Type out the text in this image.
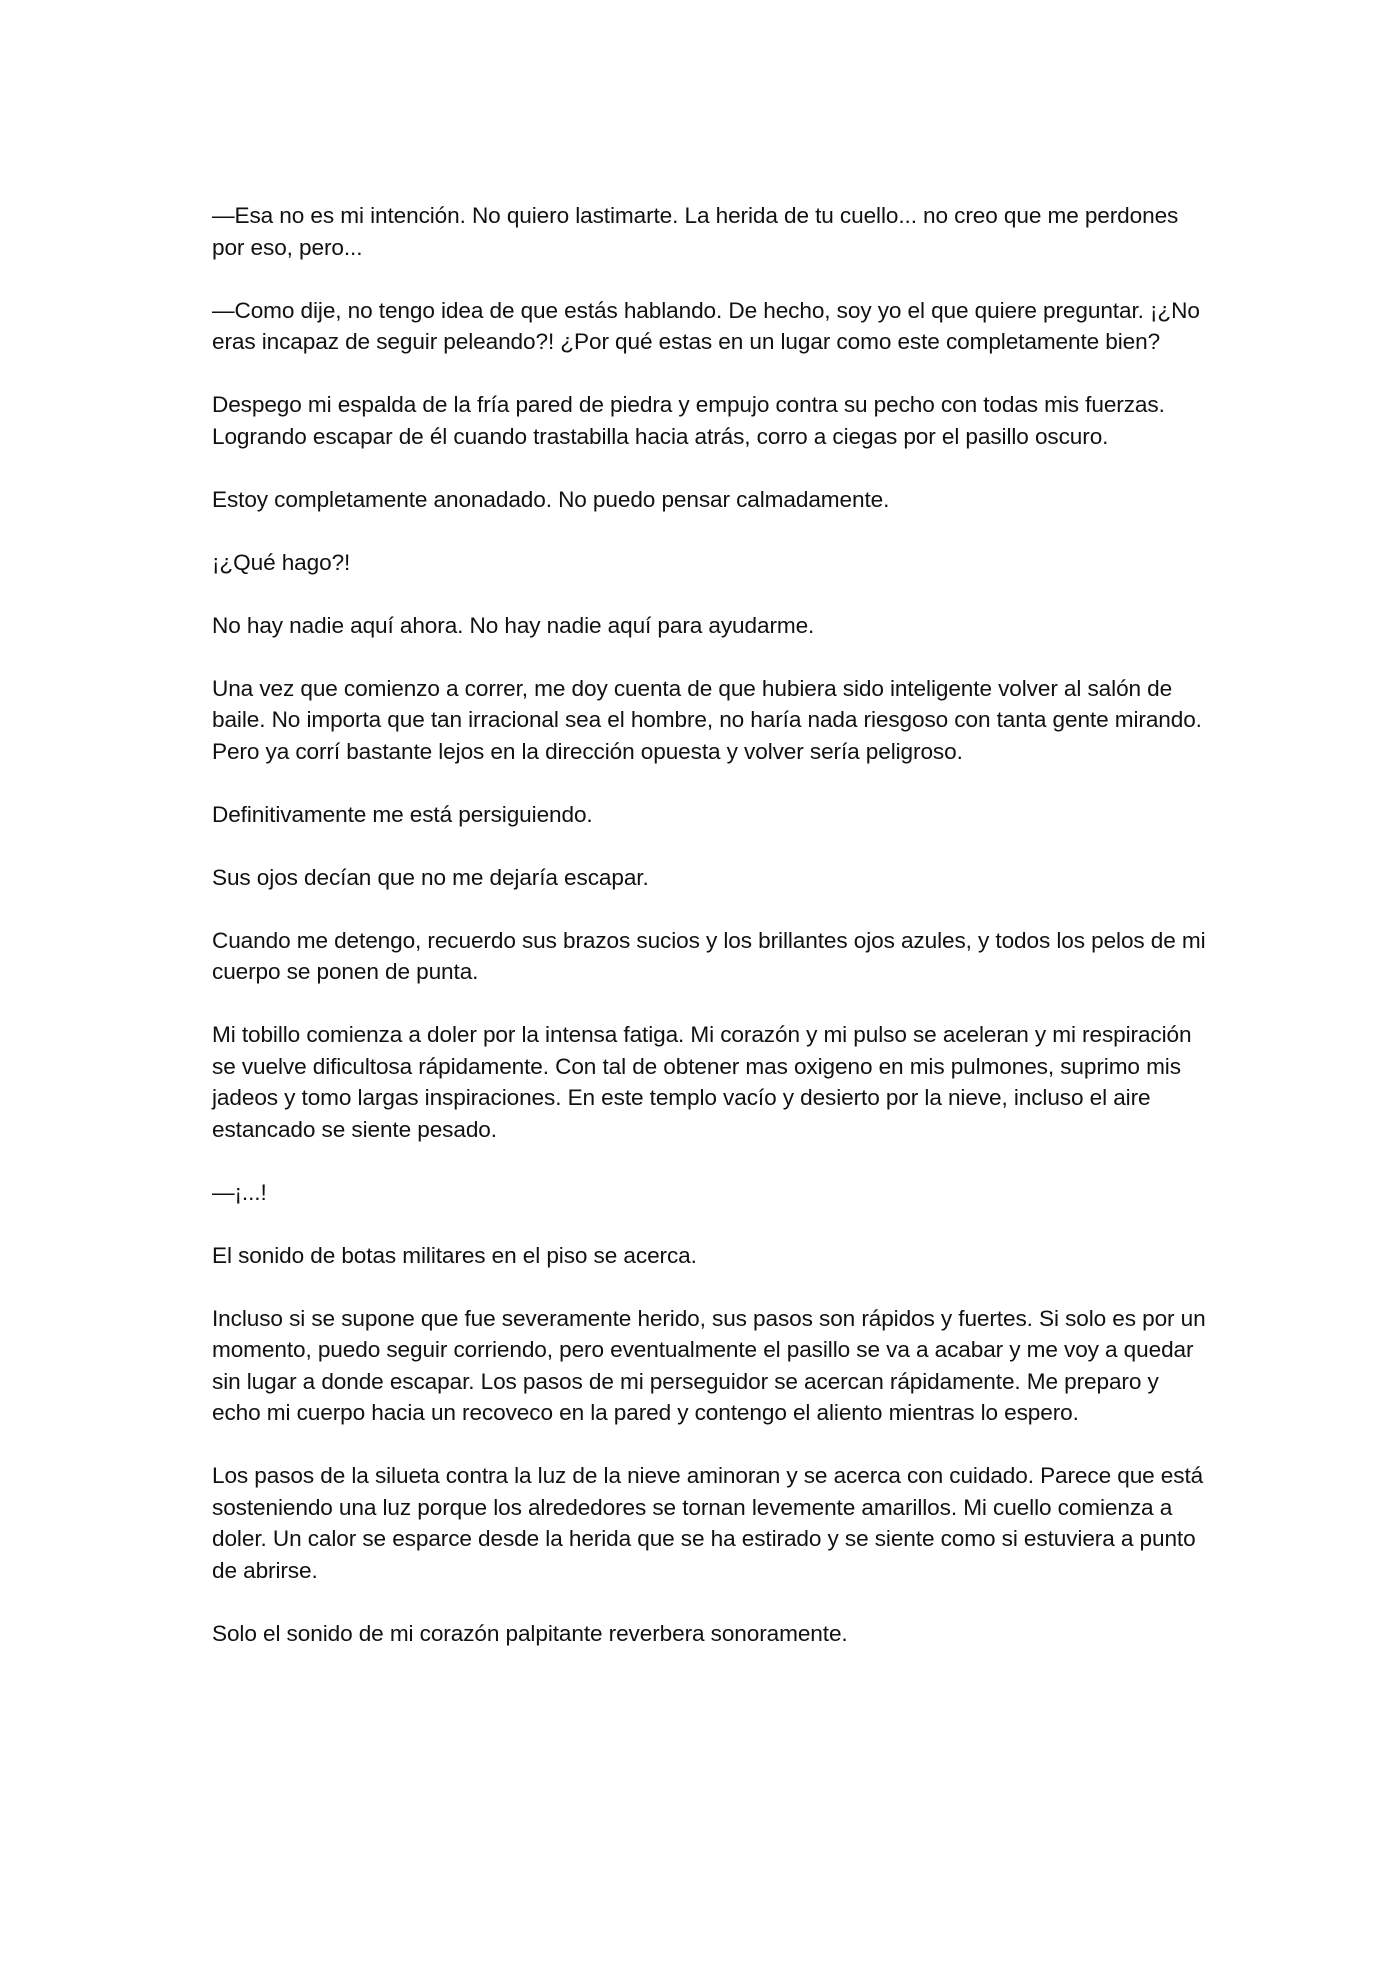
—Esa no es mi intención. No quiero lastimarte. La herida de tu cuello... no creo que me perdones por eso, pero...

—Como dije, no tengo idea de que estás hablando. De hecho, soy yo el que quiere preguntar. ¡¿No eras incapaz de seguir peleando?! ¿Por qué estas en un lugar como este completamente bien?

Despego mi espalda de la fría pared de piedra y empujo contra su pecho con todas mis fuerzas. Logrando escapar de él cuando trastabilla hacia atrás, corro a ciegas por el pasillo oscuro.

Estoy completamente anonadado. No puedo pensar calmadamente.

¡¿Qué hago?!

No hay nadie aquí ahora. No hay nadie aquí para ayudarme.

Una vez que comienzo a correr, me doy cuenta de que hubiera sido inteligente volver al salón de baile. No importa que tan irracional sea el hombre, no haría nada riesgoso con tanta gente mirando. Pero ya corrí bastante lejos en la dirección opuesta y volver sería peligroso.

Definitivamente me está persiguiendo.

Sus ojos decían que no me dejaría escapar.

Cuando me detengo, recuerdo sus brazos sucios y los brillantes ojos azules, y todos los pelos de mi cuerpo se ponen de punta.

Mi tobillo comienza a doler por la intensa fatiga. Mi corazón y mi pulso se aceleran y mi respiración se vuelve dificultosa rápidamente. Con tal de obtener mas oxigeno en mis pulmones, suprimo mis jadeos y tomo largas inspiraciones. En este templo vacío y desierto por la nieve, incluso el aire estancado se siente pesado.

—¡...!

El sonido de botas militares en el piso se acerca.

Incluso si se supone que fue severamente herido, sus pasos son rápidos y fuertes. Si solo es por un momento, puedo seguir corriendo, pero eventualmente el pasillo se va a acabar y me voy a quedar sin lugar a donde escapar. Los pasos de mi perseguidor se acercan rápidamente. Me preparo y echo mi cuerpo hacia un recoveco en la pared y contengo el aliento mientras lo espero.

Los pasos de la silueta contra la luz de la nieve aminoran y se acerca con cuidado. Parece que está sosteniendo una luz porque los alrededores se tornan levemente amarillos. Mi cuello comienza a doler. Un calor se esparce desde la herida que se ha estirado y se siente como si estuviera a punto de abrirse.

Solo el sonido de mi corazón palpitante reverbera sonoramente.
